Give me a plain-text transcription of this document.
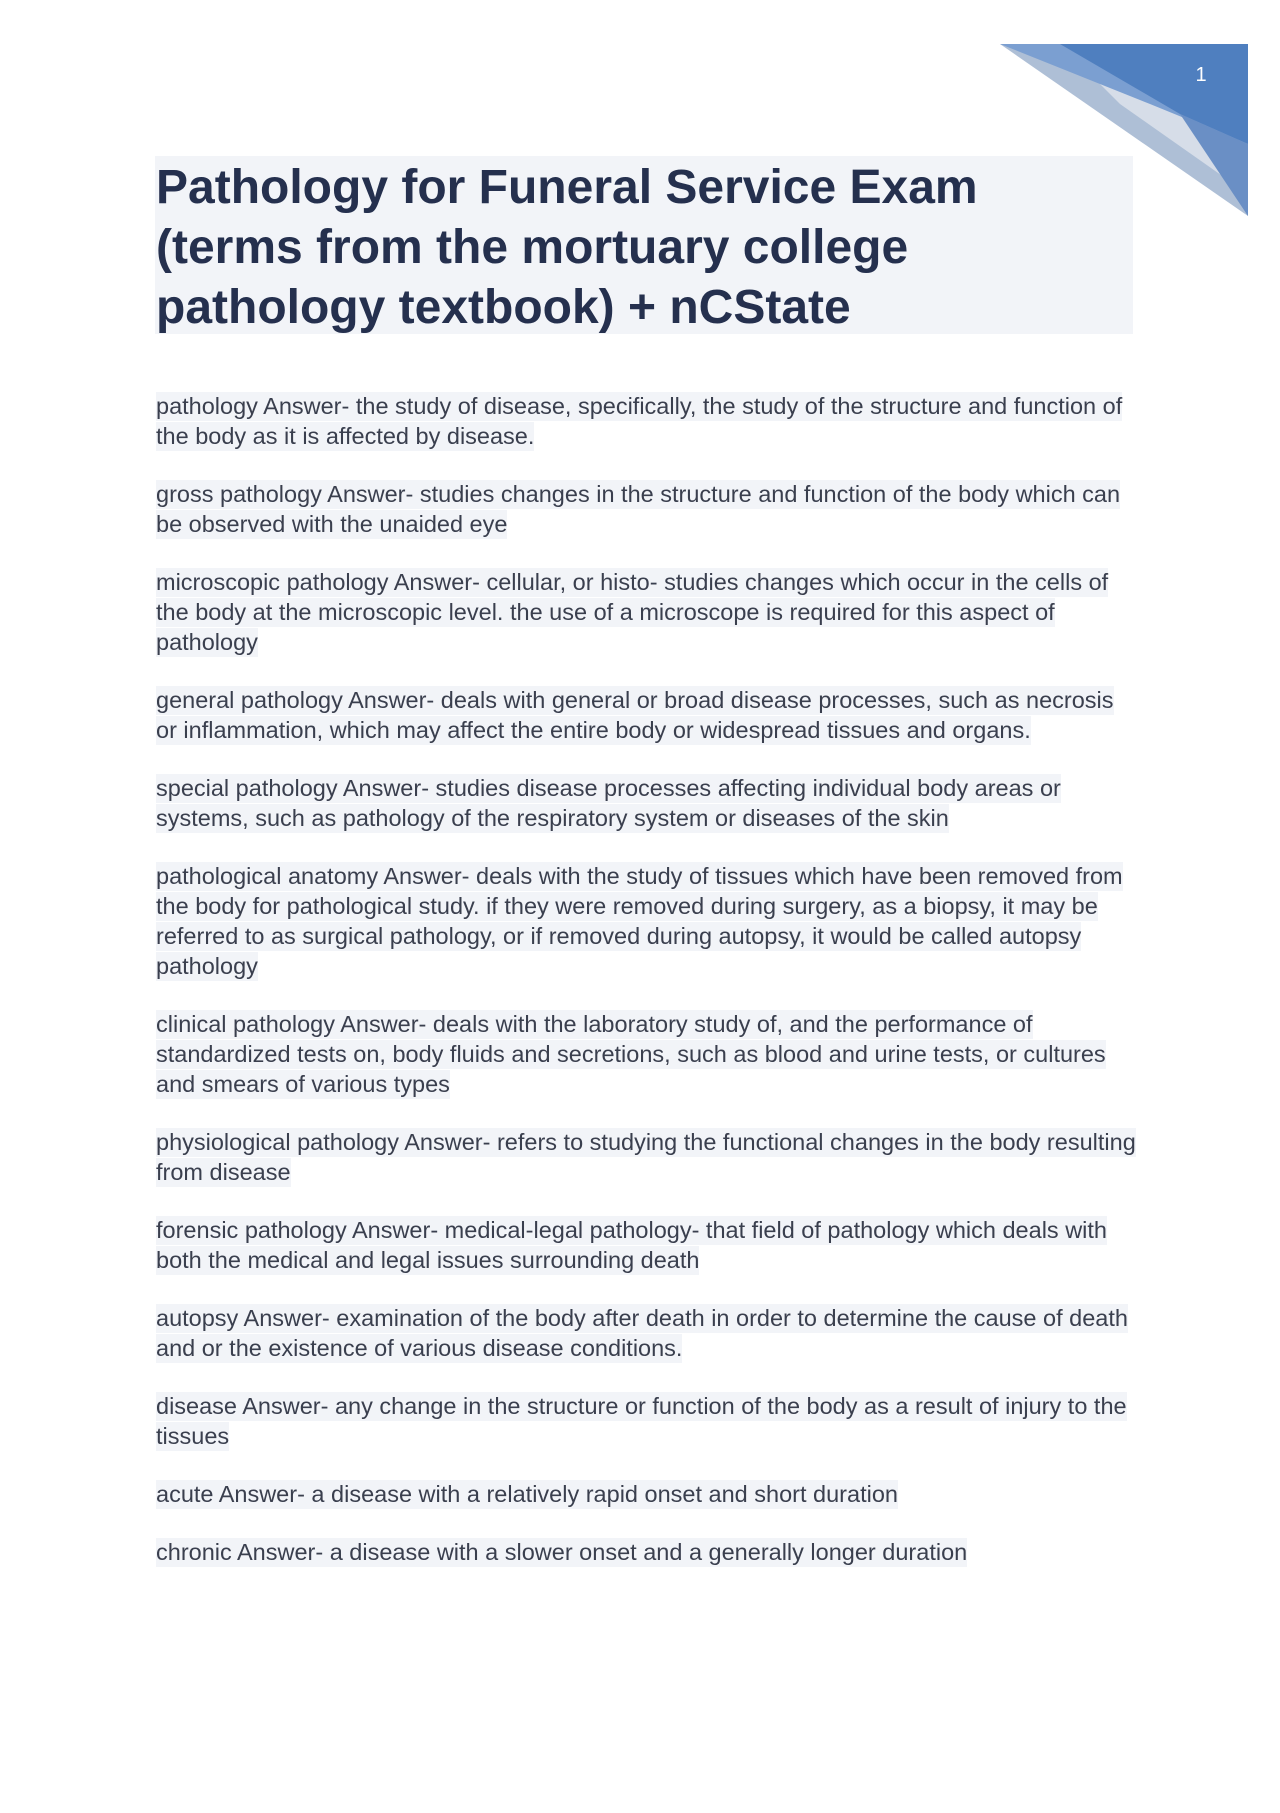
1
Pathology for Funeral Service Exam (terms from the mortuary college pathology textbook) + nCState

pathology Answer- the study of disease, specifically, the study of the structure and function of the body as it is affected by disease.

gross pathology Answer- studies changes in the structure and function of the body which can be observed with the unaided eye

microscopic pathology Answer- cellular, or histo- studies changes which occur in the cells of the body at the microscopic level. the use of a microscope is required for this aspect of pathology

general pathology Answer- deals with general or broad disease processes, such as necrosis or inflammation, which may affect the entire body or widespread tissues and organs.

special pathology Answer- studies disease processes affecting individual body areas or systems, such as pathology of the respiratory system or diseases of the skin

pathological anatomy Answer- deals with the study of tissues which have been removed from the body for pathological study. if they were removed during surgery, as a biopsy, it may be referred to as surgical pathology, or if removed during autopsy, it would be called autopsy pathology

clinical pathology Answer- deals with the laboratory study of, and the performance of standardized tests on, body fluids and secretions, such as blood and urine tests, or cultures and smears of various types

physiological pathology Answer- refers to studying the functional changes in the body resulting from disease

forensic pathology Answer- medical-legal pathology- that field of pathology which deals with both the medical and legal issues surrounding death

autopsy Answer- examination of the body after death in order to determine the cause of death and or the existence of various disease conditions.

disease Answer- any change in the structure or function of the body as a result of injury to the tissues

acute Answer- a disease with a relatively rapid onset and short duration

chronic Answer- a disease with a slower onset and a generally longer duration
